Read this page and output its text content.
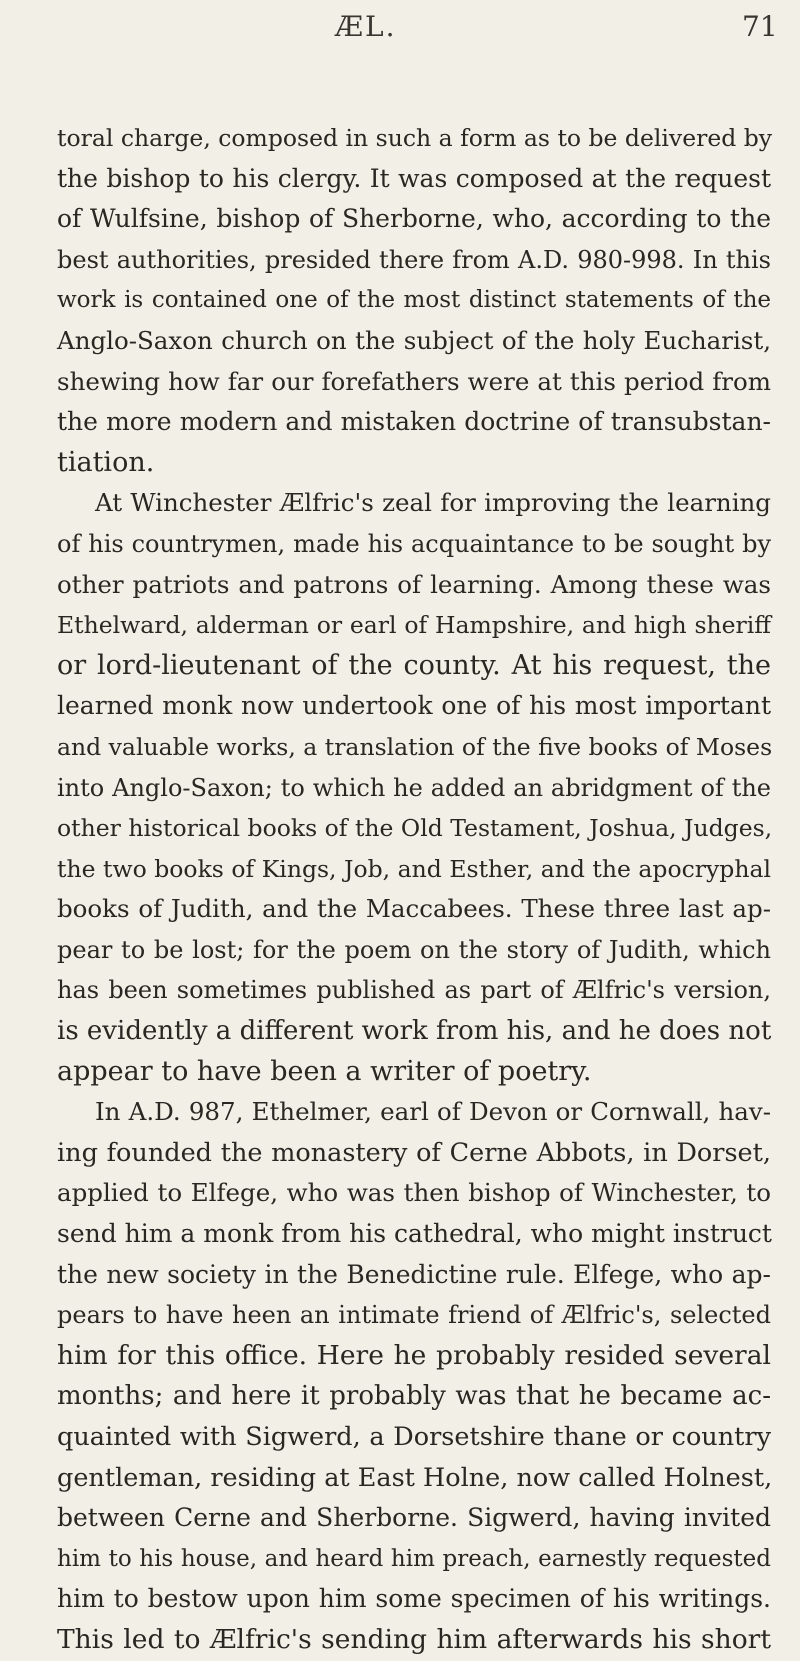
ÆL.	71
toral charge, composed in such a form as to be delivered by
the bishop to his clergy. It was composed at the request
of Wulfsine, bishop of Sherborne, who, according to the
best authorities, presided there from A.D. 980-998. In this
work is contained one of the most distinct statements of the
Anglo-Saxon church on the subject of the holy Eucharist,
shewing how far our forefathers were at this period from
the more modern and mistaken doctrine of transubstan-
tiation.
At Winchester Ælfric's zeal for improving the learning
of his countrymen, made his acquaintance to be sought by
other patriots and patrons of learning. Among these was
Ethelward, alderman or earl of Hampshire, and high sheriff
or lord-lieutenant of the county. At his request, the
learned monk now undertook one of his most important
and valuable works, a translation of the five books of Moses
into Anglo-Saxon; to which he added an abridgment of the
other historical books of the Old Testament, Joshua, Judges,
the two books of Kings, Job, and Esther, and the apocryphal
books of Judith, and the Maccabees. These three last ap-
pear to be lost; for the poem on the story of Judith, which
has been sometimes published as part of Ælfric's version,
is evidently a different work from his, and he does not
appear to have been a writer of poetry.
In A.D. 987, Ethelmer, earl of Devon or Cornwall, hav-
ing founded the monastery of Cerne Abbots, in Dorset,
applied to Elfege, who was then bishop of Winchester, to
send him a monk from his cathedral, who might instruct
the new society in the Benedictine rule. Elfege, who ap-
pears to have heen an intimate friend of Ælfric's, selected
him for this office. Here he probably resided several
months; and here it probably was that he became ac-
quainted with Sigwerd, a Dorsetshire thane or country
gentleman, residing at East Holne, now called Holnest,
between Cerne and Sherborne. Sigwerd, having invited
him to his house, and heard him preach, earnestly requested
him to bestow upon him some specimen of his writings.
This led to Ælfric's sending him afterwards his short
